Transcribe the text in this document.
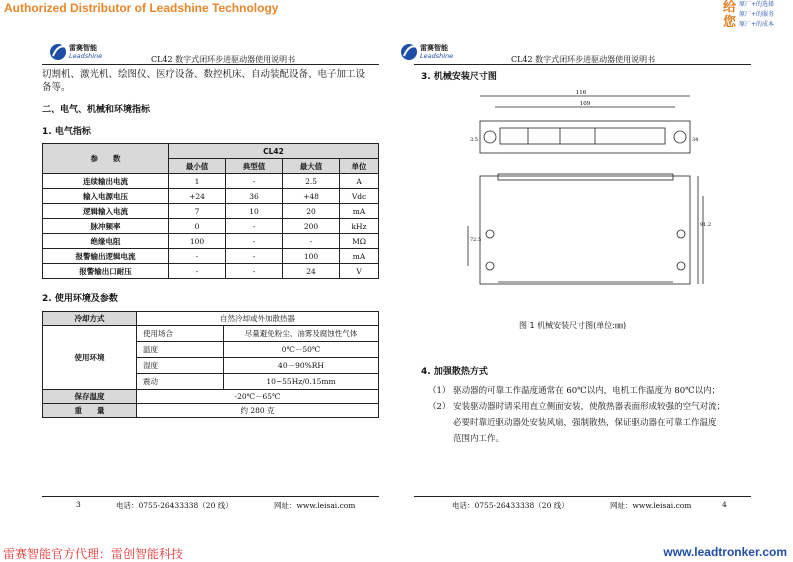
Authorized Distributor of Leadshine Technology	给
您
原厂+的选择
原厂+的服务
原厂+的成本
雷赛智能
Leadshine	CL42 数字式闭环步进驱动器使用说明书
切割机、激光机、绘图仪、医疗设备、数控机床、自动装配设备、电子加工设
备等。
二、电气、机械和环境指标
1. 电气指标
参　　数	CL42			
	最小值	典型值	最大值	单位
连续输出电流	1	-	2.5	A
输入电源电压	+24	36	+48	Vdc
逻辑输入电流	7	10	20	mA
脉冲频率	0	-	200	kHz
绝缘电阻	100	-	-	MΩ
报警输出逻辑电流	-	-	100	mA
报警输出口耐压	-	-	24	V
2. 使用环境及参数
冷却方式	自然冷却或外加散热器	
使用环境	使用场合	尽量避免粉尘、油雾及腐蚀性气体
	温度	0℃－50℃
	湿度	40－90%RH
	震动	10~55Hz/0.15mm
保存温度	-20℃－65℃	
重　　量	约 280 克	
3	电话：0755-26433338（20 线）	网址：www.leisai.com
雷赛智能
Leadshine	CL42 数字式闭环步进驱动器使用说明书
3. 机械安装尺寸图
116
109
34
3.5
91.2
72.5
图 1 机械安装尺寸图(单位:㎜)
4. 加强散热方式
（1） 驱动器的可靠工作温度通常在 60℃以内，电机工作温度为 80℃以内；
（2） 安装驱动器时请采用直立侧面安装，使散热器表面形成较强的空气对流；
必要时靠近驱动器处安装风扇，强制散热，保证驱动器在可靠工作温度
范围内工作。
电话：0755-26433338（20 线）	网址：www.leisai.com	4
雷赛智能官方代理：雷创智能科技	www.leadtronker.com
